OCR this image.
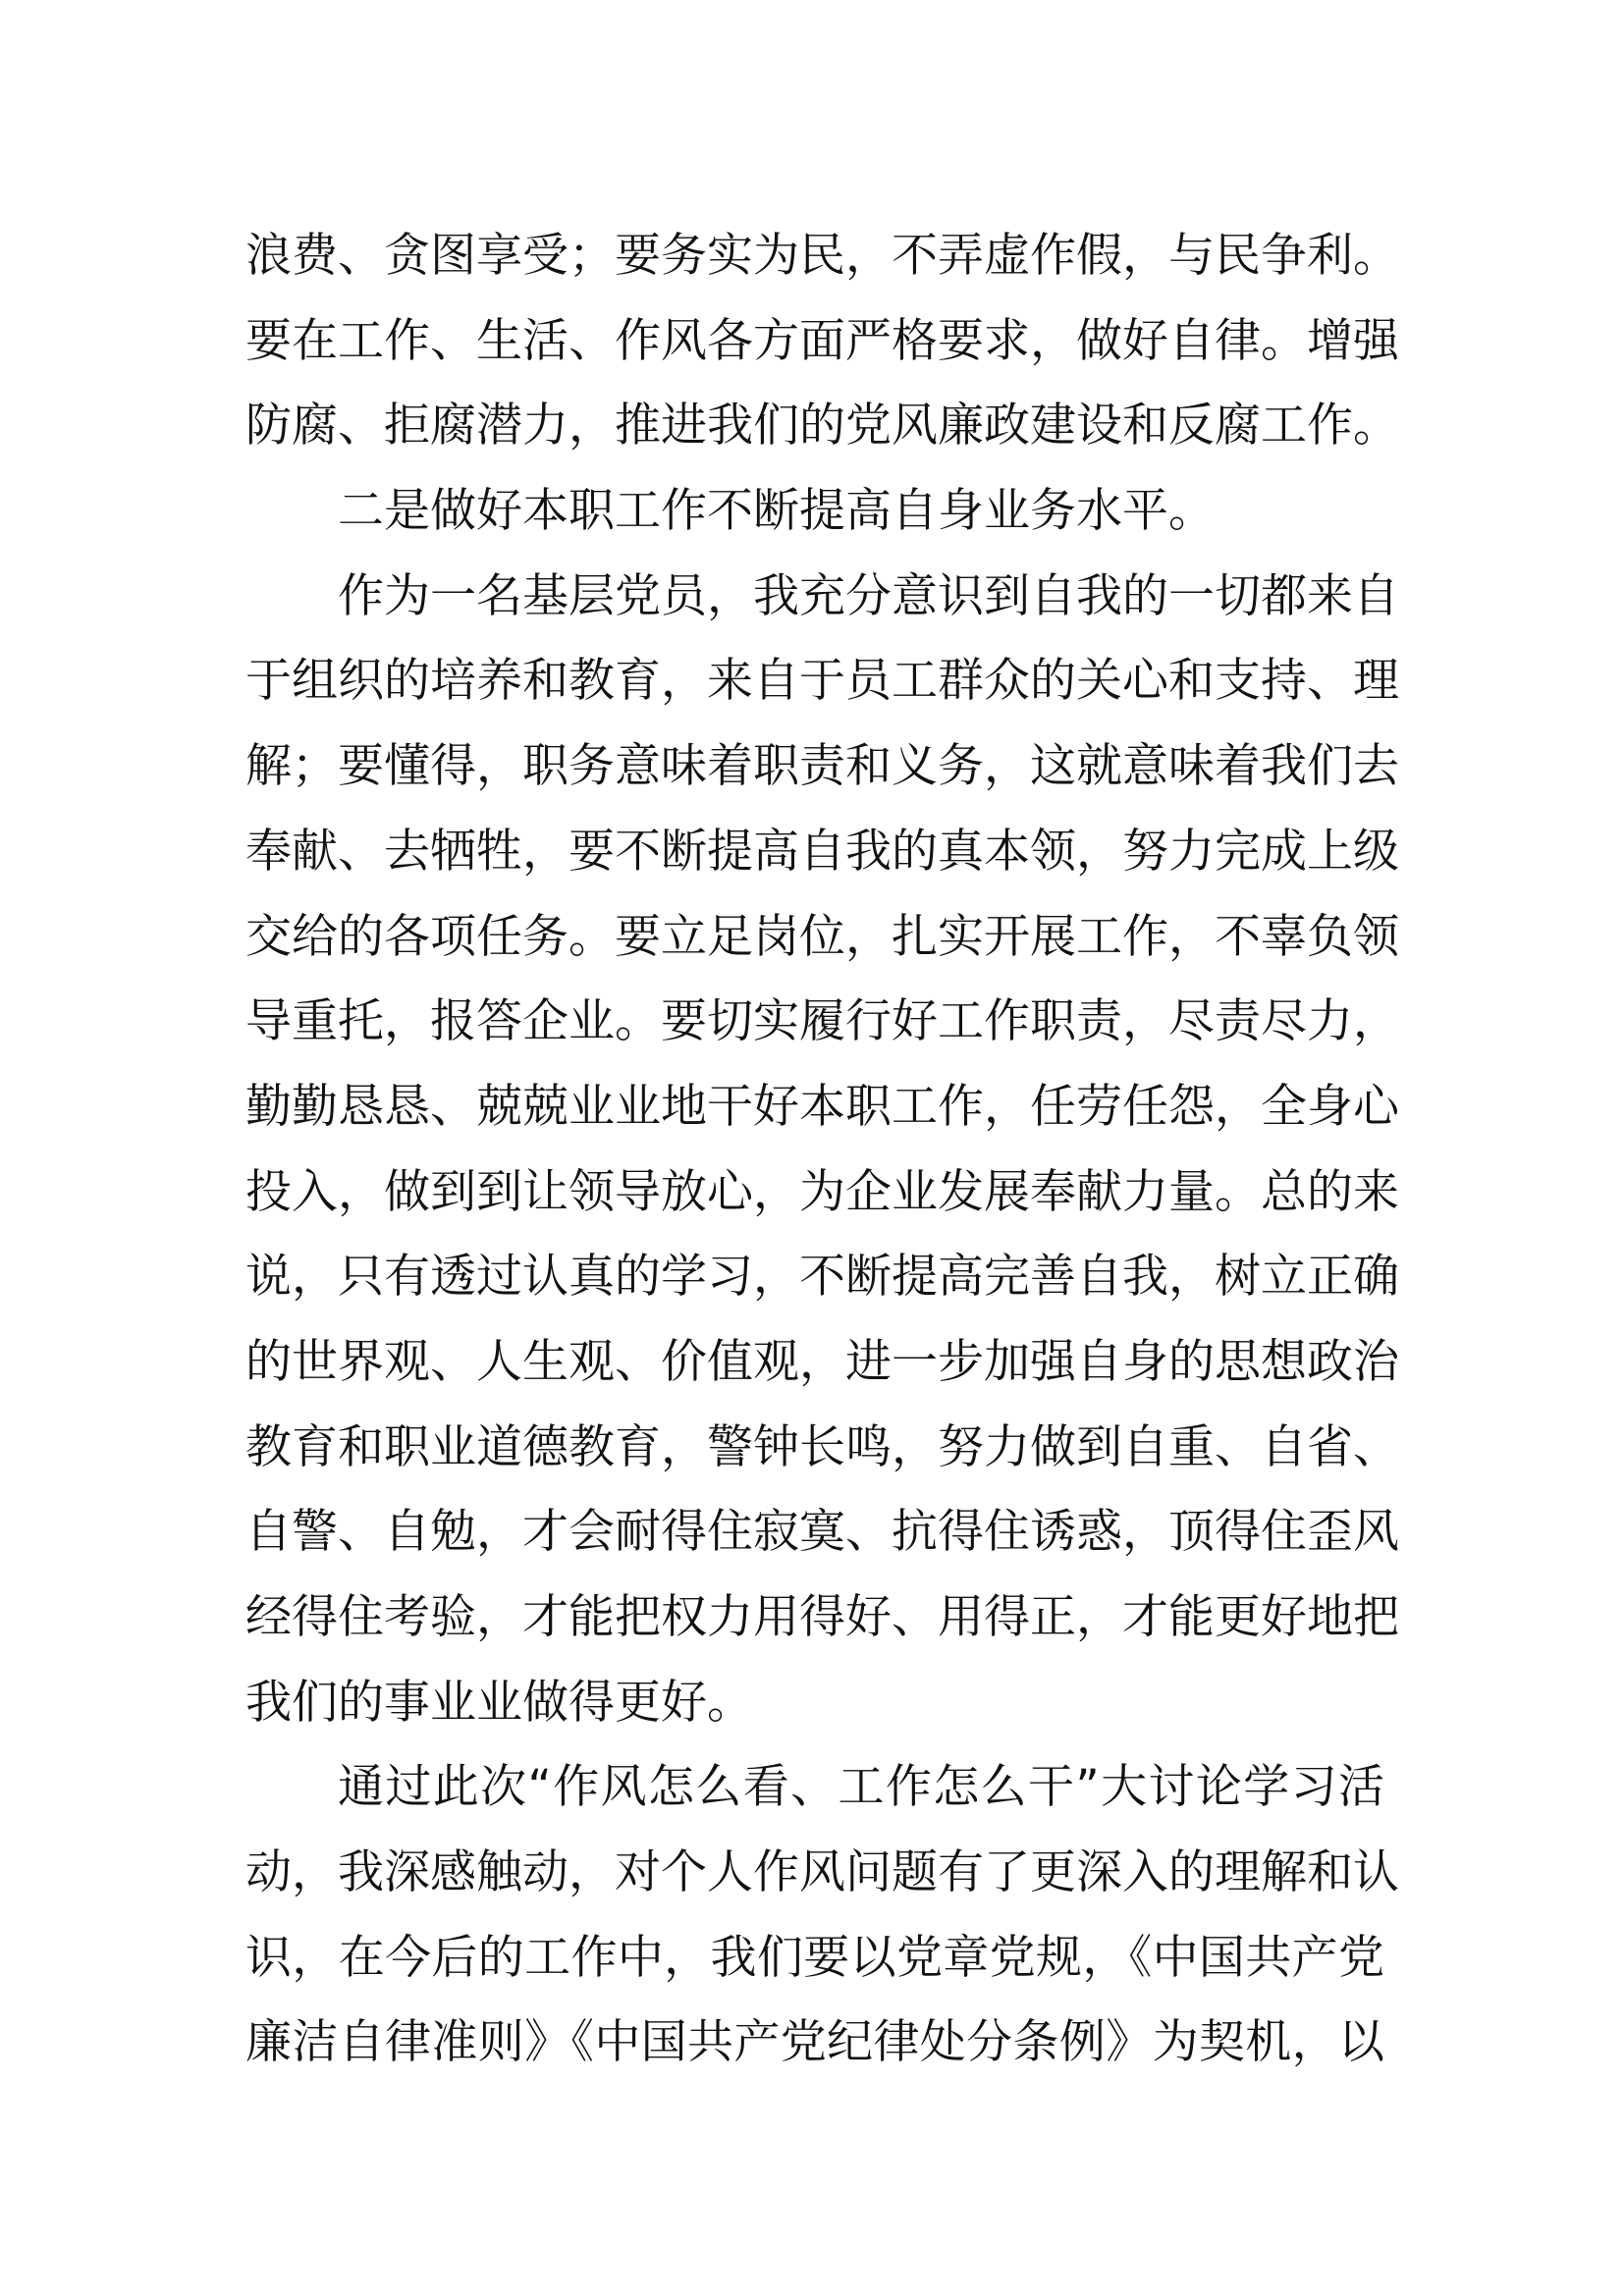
浪费、贪图享受；要务实为民，不弄虚作假，与民争利。
要在工作、生活、作风各方面严格要求，做好自律。增强
防腐、拒腐潜力，推进我们的党风廉政建设和反腐工作。
二是做好本职工作不断提高自身业务水平。
作为一名基层党员，我充分意识到自我的一切都来自
于组织的培养和教育，来自于员工群众的关心和支持、理
解；要懂得，职务意味着职责和义务，这就意味着我们去
奉献、去牺牲，要不断提高自我的真本领，努力完成上级
交给的各项任务。要立足岗位，扎实开展工作，不辜负领
导重托，报答企业。要切实履行好工作职责，尽责尽力，
勤勤恳恳、兢兢业业地干好本职工作，任劳任怨，全身心
投入，做到到让领导放心，为企业发展奉献力量。总的来
说，只有透过认真的学习，不断提高完善自我，树立正确
的世界观、人生观、价值观，进一步加强自身的思想政治
教育和职业道德教育，警钟长鸣，努力做到自重、自省、
自警、自勉，才会耐得住寂寞、抗得住诱惑，顶得住歪风
经得住考验，才能把权力用得好、用得正，才能更好地把
我们的事业业做得更好。
通过此次“作风怎么看、工作怎么干”大讨论学习活
动，我深感触动，对个人作风问题有了更深入的理解和认
识，在今后的工作中，我们要以党章党规，《中国共产党
廉洁自律准则》《中国共产党纪律处分条例》为契机，以
